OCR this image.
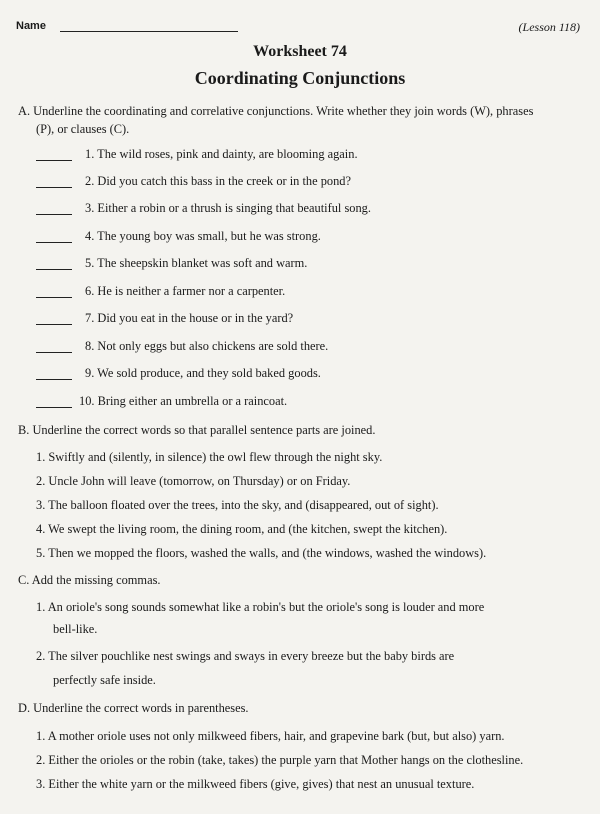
Name	(Lesson 118)
Worksheet 74
Coordinating Conjunctions
A. Underline the coordinating and correlative conjunctions. Write whether they join words (W), phrases
(P), or clauses (C).
1. The wild roses, pink and dainty, are blooming again.
2. Did you catch this bass in the creek or in the pond?
3. Either a robin or a thrush is singing that beautiful song.
4. The young boy was small, but he was strong.
5. The sheepskin blanket was soft and warm.
6. He is neither a farmer nor a carpenter.
7. Did you eat in the house or in the yard?
8. Not only eggs but also chickens are sold there.
9. We sold produce, and they sold baked goods.
10. Bring either an umbrella or a raincoat.
B. Underline the correct words so that parallel sentence parts are joined.
1. Swiftly and (silently, in silence) the owl flew through the night sky.
2. Uncle John will leave (tomorrow, on Thursday) or on Friday.
3. The balloon floated over the trees, into the sky, and (disappeared, out of sight).
4. We swept the living room, the dining room, and (the kitchen, swept the kitchen).
5. Then we mopped the floors, washed the walls, and (the windows, washed the windows).
C. Add the missing commas.
1. An oriole's song sounds somewhat like a robin's but the oriole's song is louder and more
bell-like.
2. The silver pouchlike nest swings and sways in every breeze but the baby birds are
perfectly safe inside.
D. Underline the correct words in parentheses.
1. A mother oriole uses not only milkweed fibers, hair, and grapevine bark (but, but also) yarn.
2. Either the orioles or the robin (take, takes) the purple yarn that Mother hangs on the clothesline.
3. Either the white yarn or the milkweed fibers (give, gives) that nest an unusual texture.
